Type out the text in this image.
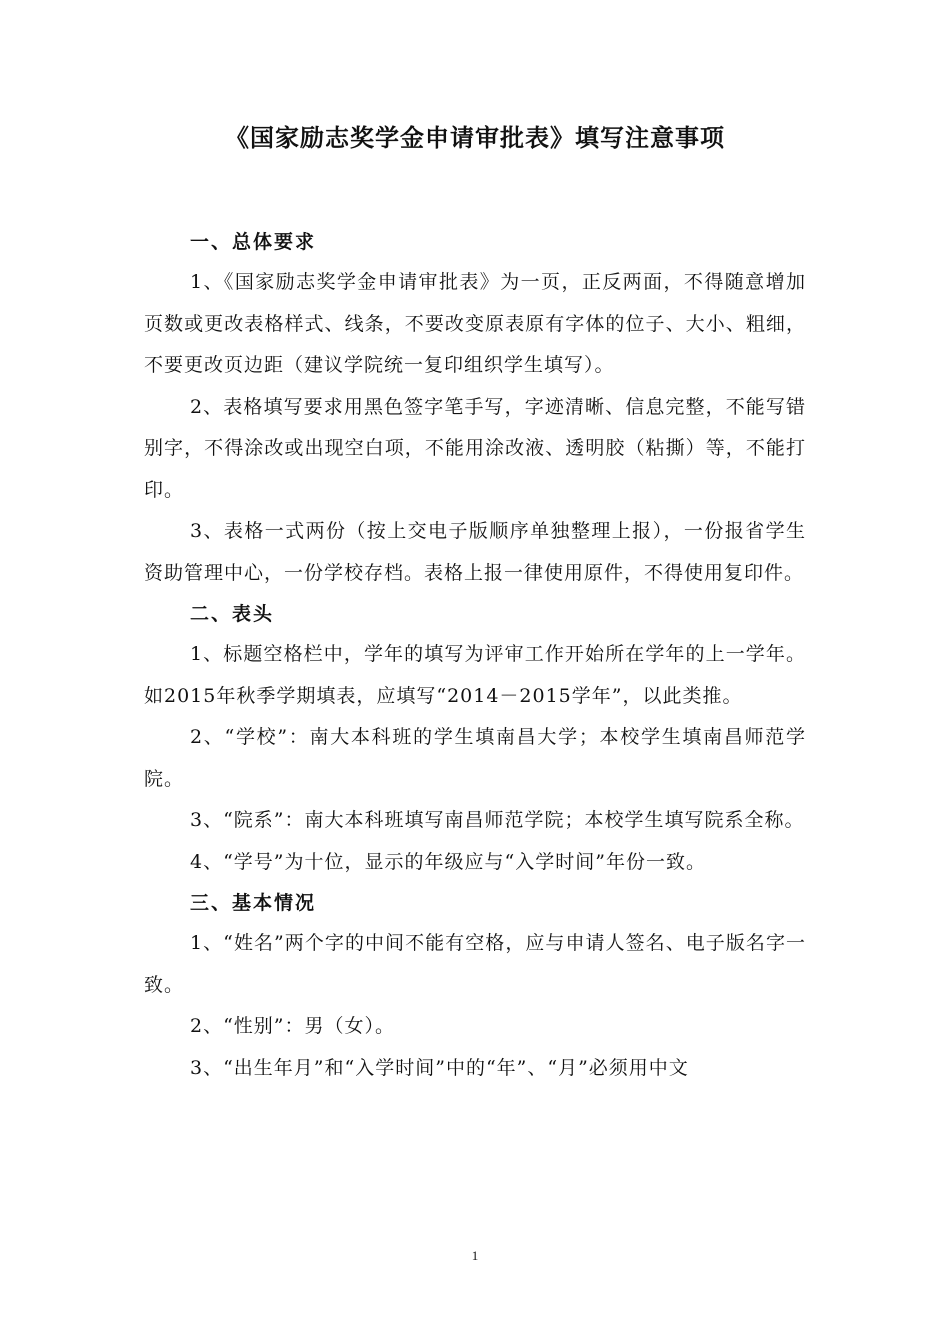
《国家励志奖学金申请审批表》填写注意事项

一、总体要求

1、《国家励志奖学金申请审批表》为一页，正反两面，不得随意增加页数或更改表格样式、线条，不要改变原表原有字体的位子、大小、粗细，不要更改页边距（建议学院统一复印组织学生填写）。

2、表格填写要求用黑色签字笔手写，字迹清晰、信息完整，不能写错别字，不得涂改或出现空白项，不能用涂改液、透明胶（粘撕）等，不能打印。

3、表格一式两份（按上交电子版顺序单独整理上报），一份报省学生资助管理中心，一份学校存档。表格上报一律使用原件，不得使用复印件。

二、表头

1、标题空格栏中，学年的填写为评审工作开始所在学年的上一学年。如2015年秋季学期填表，应填写“2014－2015学年”，以此类推。

2、“学校”：南大本科班的学生填南昌大学；本校学生填南昌师范学院。

3、“院系”：南大本科班填写南昌师范学院；本校学生填写院系全称。

4、“学号”为十位，显示的年级应与“入学时间”年份一致。

三、基本情况

1、“姓名”两个字的中间不能有空格，应与申请人签名、电子版名字一致。

2、“性别”：男（女）。

3、“出生年月”和“入学时间”中的“年”、“月”必须用中文

1
